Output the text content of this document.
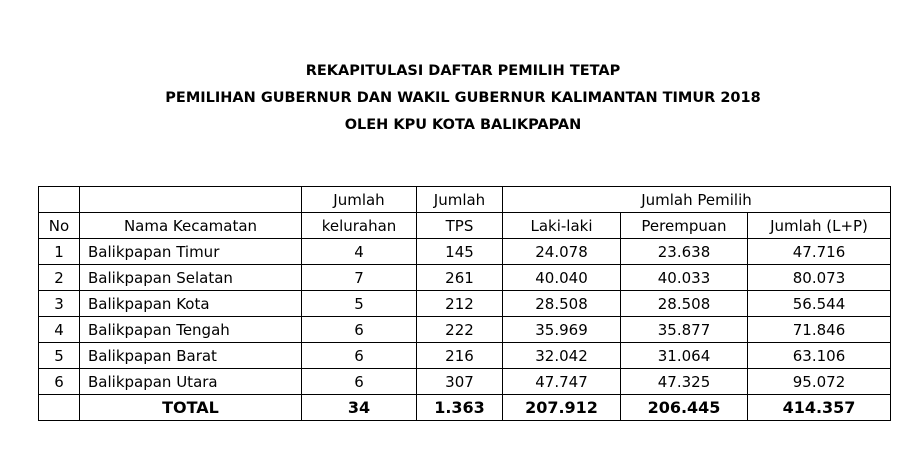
REKAPITULASI DAFTAR PEMILIH TETAP
PEMILIHAN GUBERNUR DAN WAKIL GUBERNUR KALIMANTAN TIMUR 2018
OLEH KPU KOTA BALIKPAPAN
		Jumlah	Jumlah	Jumlah Pemilih		
No	Nama Kecamatan	kelurahan	TPS	Laki-laki	Perempuan	Jumlah (L+P)
1	Balikpapan Timur	4	145	24.078	23.638	47.716
2	Balikpapan Selatan	7	261	40.040	40.033	80.073
3	Balikpapan Kota	5	212	28.508	28.508	56.544
4	Balikpapan Tengah	6	222	35.969	35.877	71.846
5	Balikpapan Barat	6	216	32.042	31.064	63.106
6	Balikpapan Utara	6	307	47.747	47.325	95.072
	TOTAL	34	1.363	207.912	206.445	414.357
